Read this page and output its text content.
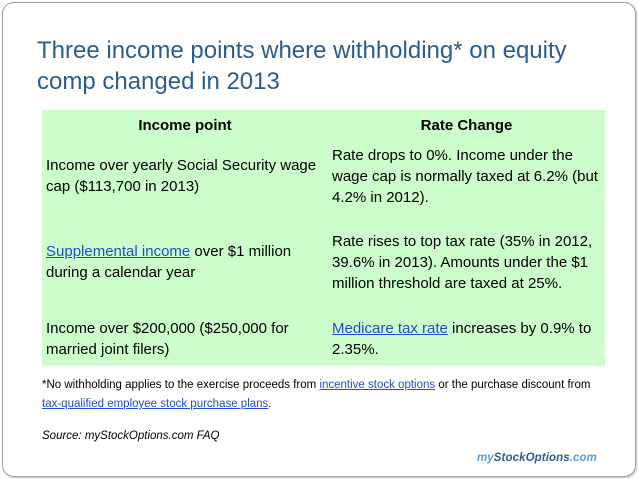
Three income points where withholding* on equity comp changed in 2013
Income point	Rate Change
Income over yearly Social Security wage cap ($113,700 in 2013)	Rate drops to 0%. Income under the wage cap is normally taxed at 6.2% (but 4.2% in 2012).
Supplemental income over $1 million during a calendar year	Rate rises to top tax rate (35% in 2012, 39.6% in 2013). Amounts under the $1 million threshold are taxed at 25%.
Income over $200,000 ($250,000 for married joint filers)	Medicare tax rate increases by 0.9% to 2.35%.

*No withholding applies to the exercise proceeds from incentive stock options or the purchase discount from tax-qualified employee stock purchase plans.

Source: myStockOptions.com FAQ

myStockOptions.com
